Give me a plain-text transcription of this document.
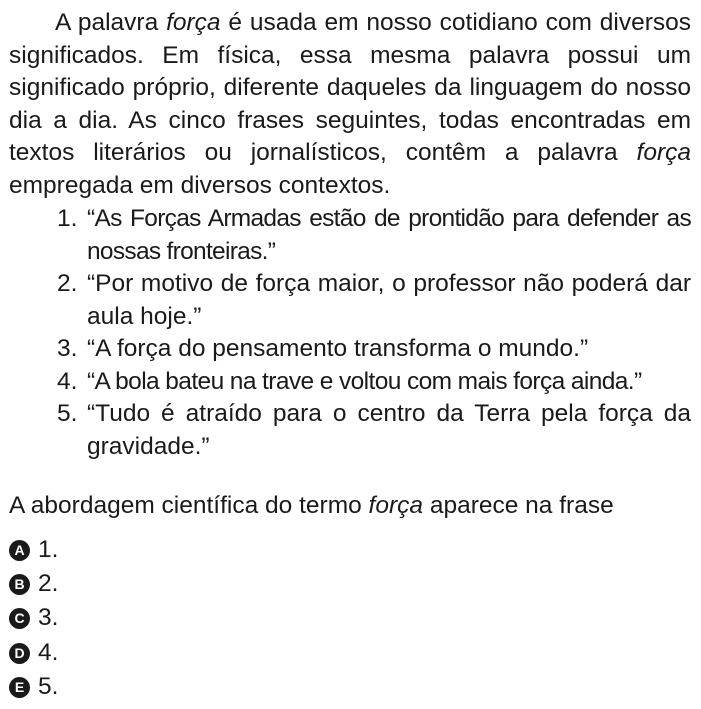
A palavra força é usada em nosso cotidiano com diversos significados. Em física, essa mesma palavra possui um significado próprio, diferente daqueles da linguagem do nosso dia a dia. As cinco frases seguintes, todas encontradas em textos literários ou jornalísticos, contêm a palavra força empregada em diversos contextos.

1. “As Forças Armadas estão de prontidão para defender as nossas fronteiras.”
2. “Por motivo de força maior, o professor não poderá dar aula hoje.”
3. “A força do pensamento transforma o mundo.”
4. “A bola bateu na trave e voltou com mais força ainda.”
5. “Tudo é atraído para o centro da Terra pela força da gravidade.”

A abordagem científica do termo força aparece na frase

A 1.
B 2.
C 3.
D 4.
E 5.
